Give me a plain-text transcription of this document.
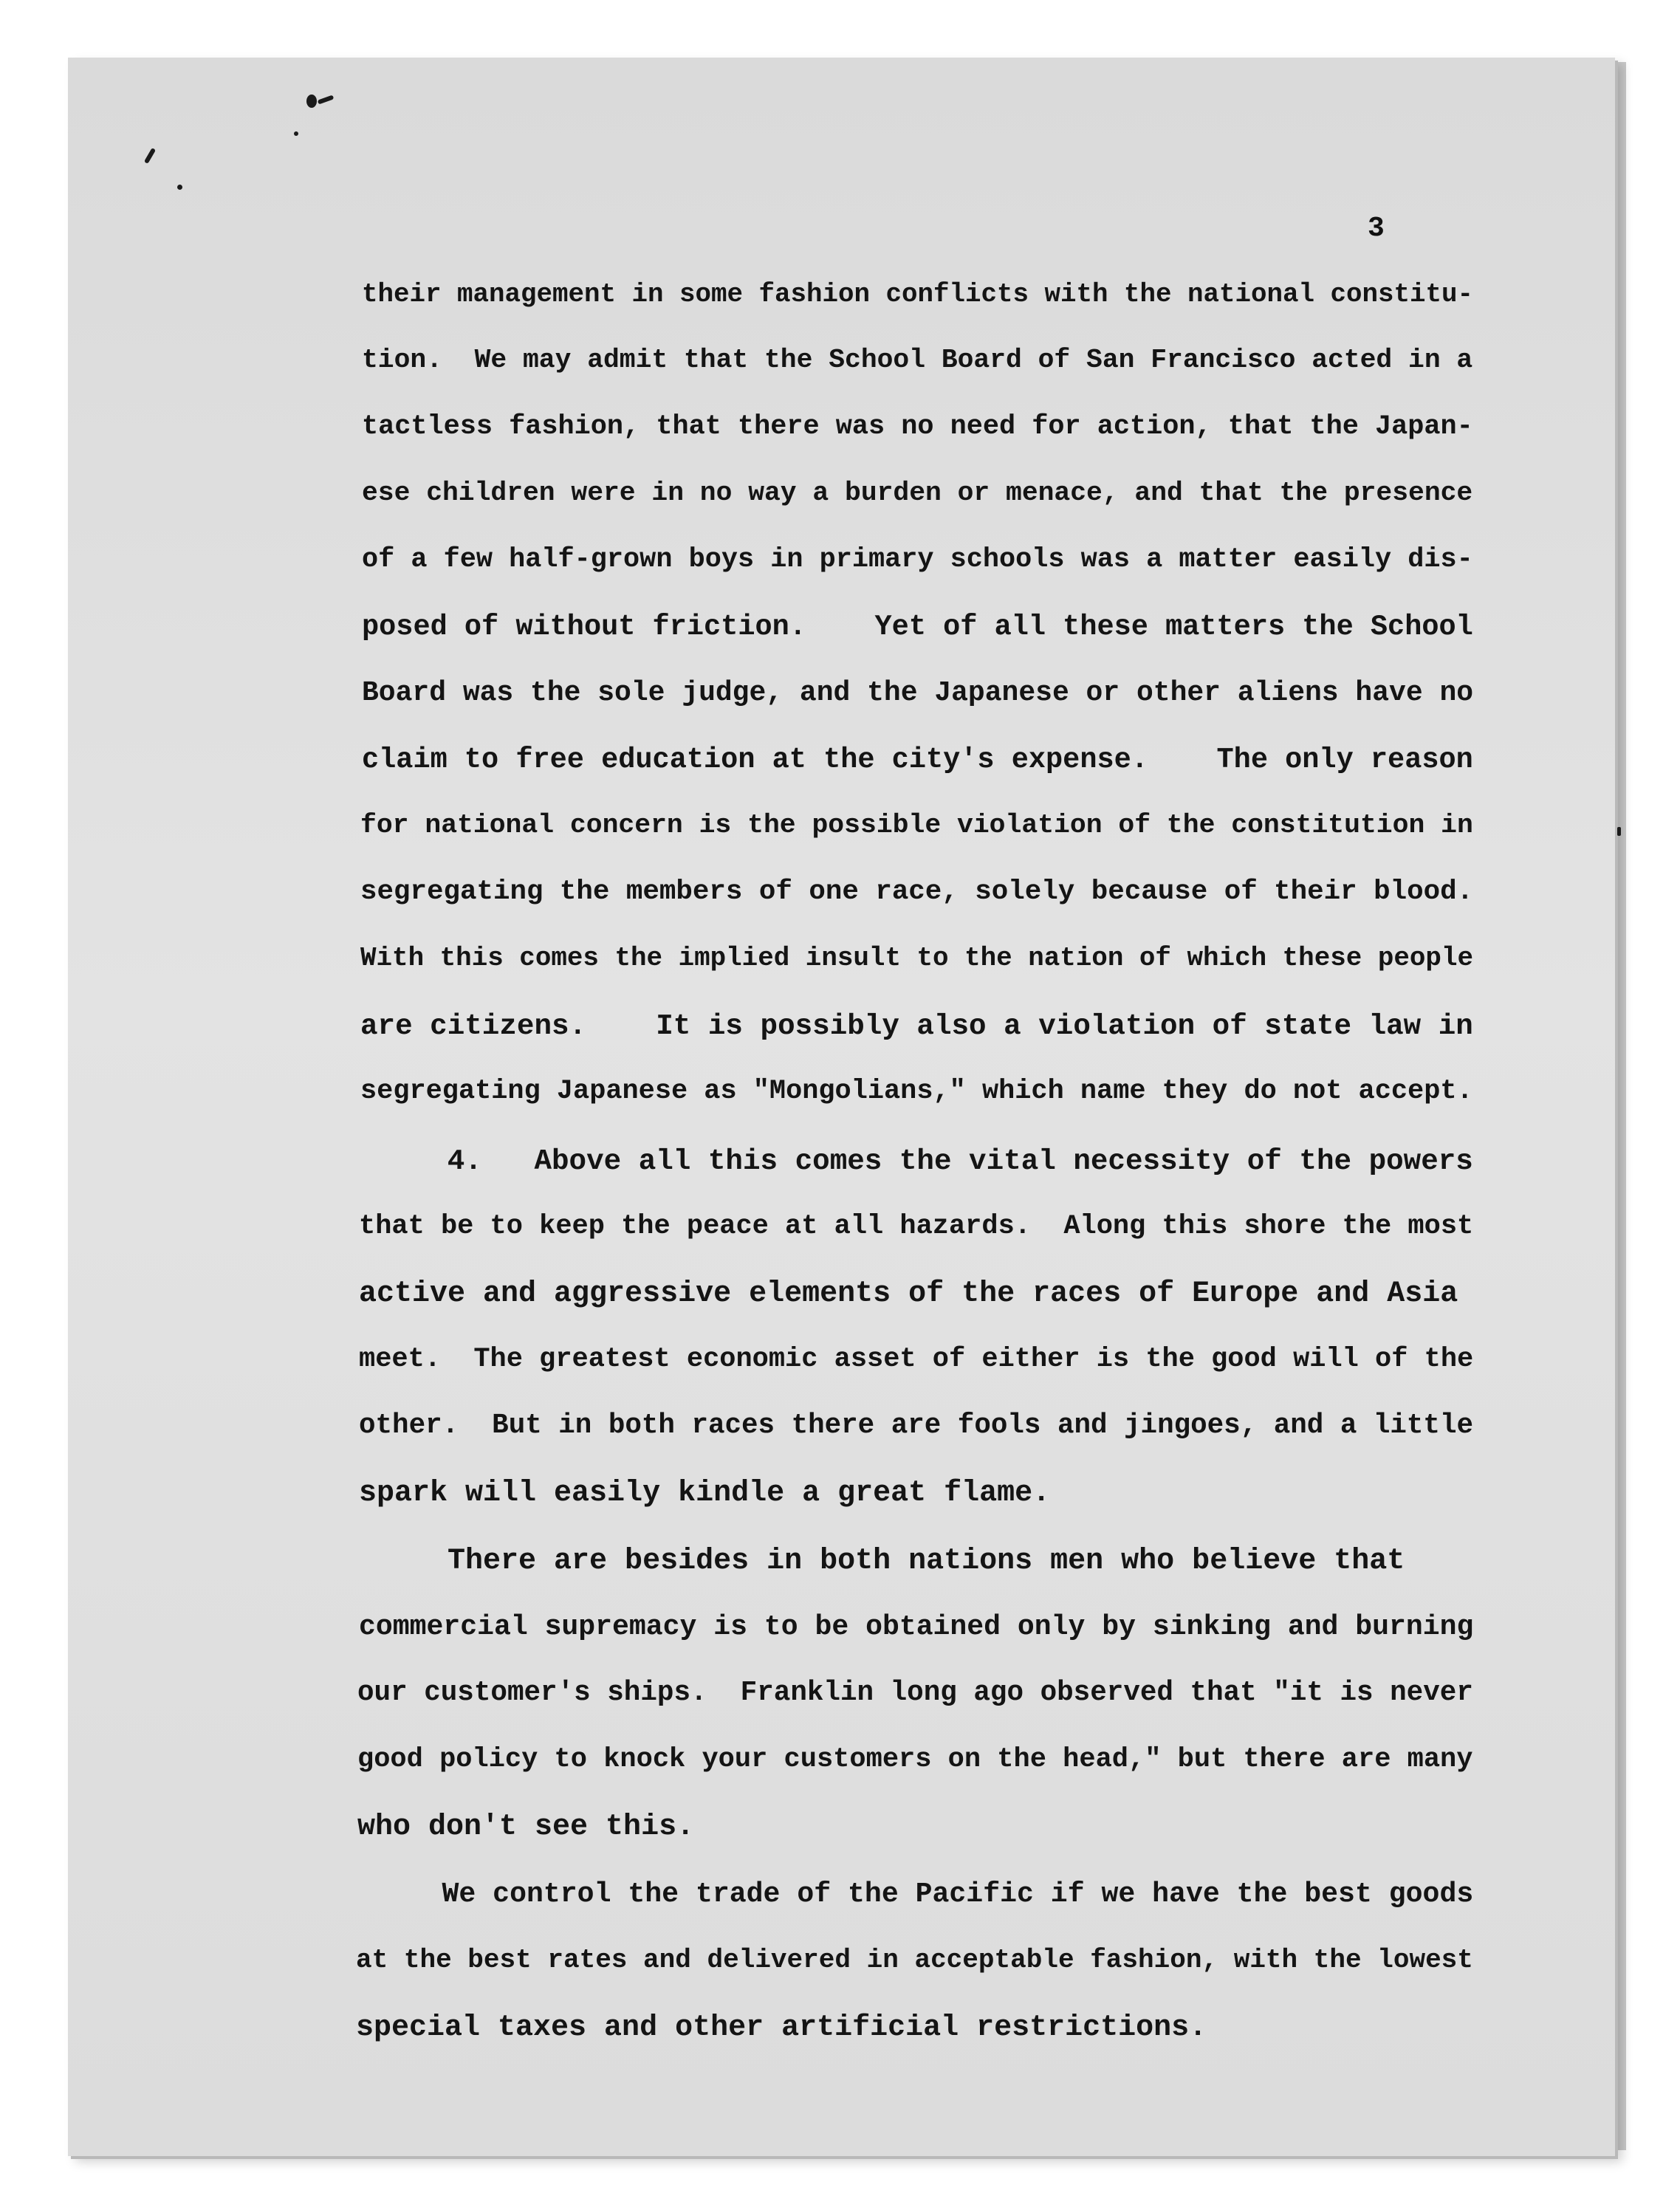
3
their management in some fashion conflicts with the national constitu-
tion.  We may admit that the School Board of San Francisco acted in a
tactless fashion, that there was no need for action, that the Japan-
ese children were in no way a burden or menace, and that the presence
of a few half-grown boys in primary schools was a matter easily dis-
posed of without friction.    Yet of all these matters the School
Board was the sole judge, and the Japanese or other aliens have no
claim to free education at the city's expense.    The only reason
for national concern is the possible violation of the constitution in
segregating the members of one race, solely because of their blood.
With this comes the implied insult to the nation of which these people
are citizens.    It is possibly also a violation of state law in
segregating Japanese as "Mongolians," which name they do not accept.
4.   Above all this comes the vital necessity of the powers
that be to keep the peace at all hazards.  Along this shore the most
active and aggressive elements of the races of Europe and Asia
meet.  The greatest economic asset of either is the good will of the
other.  But in both races there are fools and jingoes, and a little
spark will easily kindle a great flame.
There are besides in both nations men who believe that
commercial supremacy is to be obtained only by sinking and burning
our customer's ships.  Franklin long ago observed that "it is never
good policy to knock your customers on the head," but there are many
who don't see this.
We control the trade of the Pacific if we have the best goods
at the best rates and delivered in acceptable fashion, with the lowest
special taxes and other artificial restrictions.
